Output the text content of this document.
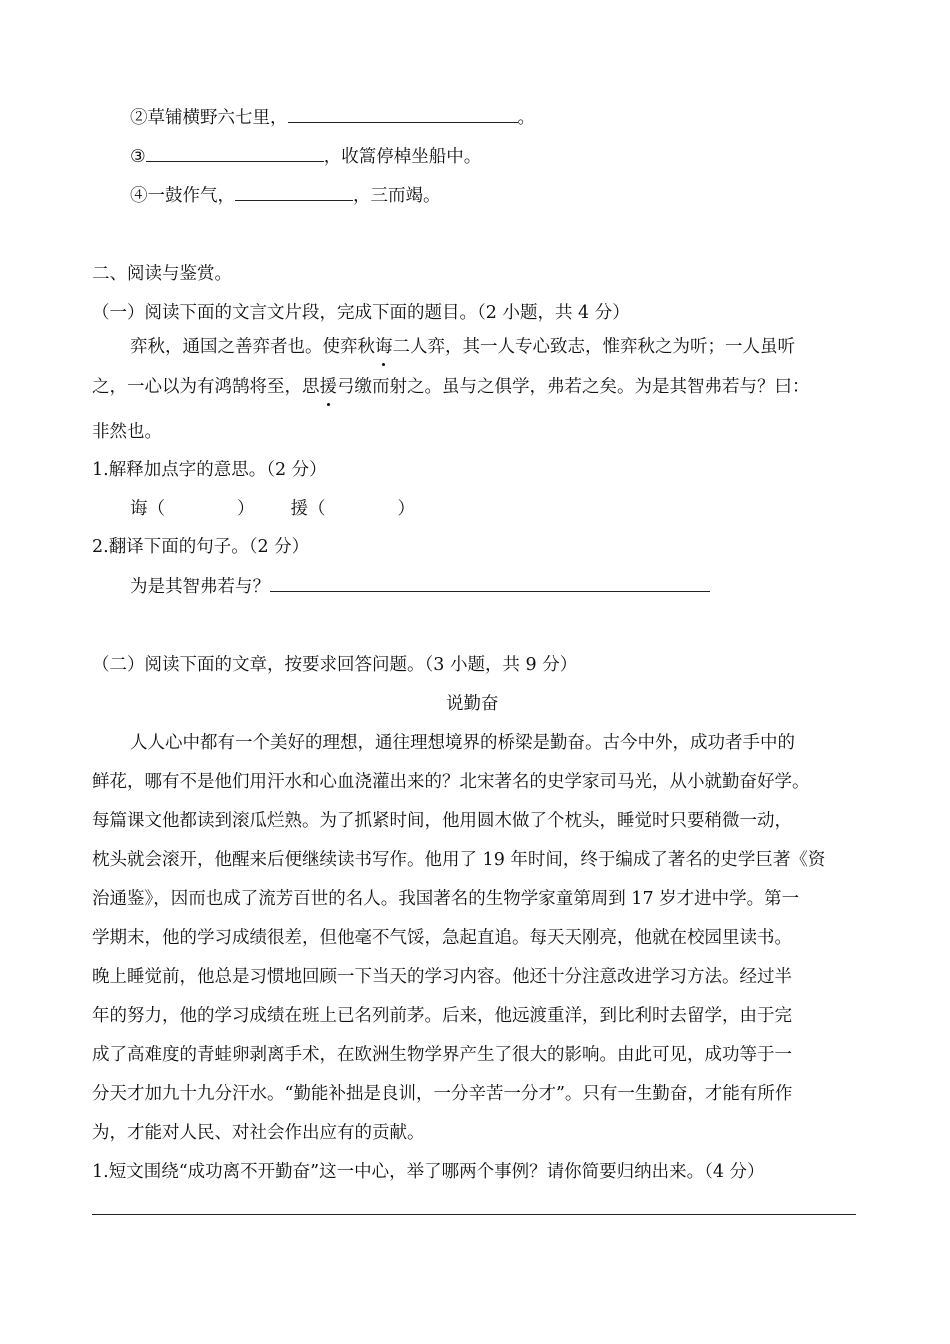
②草铺横野六七里，	。
③	，收篙停棹坐船中。
④一鼓作气，	，三而竭。
二、阅读与鉴赏。
（一）阅读下面的文言文片段，完成下面的题目。（2 小题，共 4 分）
弈秋，通国之善弈者也。使弈秋诲二人弈，其一人专心致志，惟弈秋之为听；一人虽听
之，一心以为有鸿鹄将至，思援弓缴而射之。虽与之俱学，弗若之矣。为是其智弗若与？曰：
非然也。
1.解释加点字的意思。（2 分）
诲（	） 援（	）
2.翻译下面的句子。（2 分）
为是其智弗若与？
（二）阅读下面的文章，按要求回答问题。（3 小题，共 9 分）
说勤奋
人人心中都有一个美好的理想，通往理想境界的桥梁是勤奋。古今中外，成功者手中的
鲜花，哪有不是他们用汗水和心血浇灌出来的？北宋著名的史学家司马光，从小就勤奋好学。
每篇课文他都读到滚瓜烂熟。为了抓紧时间，他用圆木做了个枕头，睡觉时只要稍微一动，
枕头就会滚开，他醒来后便继续读书写作。他用了 19 年时间，终于编成了著名的史学巨著《资
治通鉴》，因而也成了流芳百世的名人。我国著名的生物学家童第周到 17 岁才进中学。第一
学期末，他的学习成绩很差，但他毫不气馁，急起直追。每天天刚亮，他就在校园里读书。
晚上睡觉前，他总是习惯地回顾一下当天的学习内容。他还十分注意改进学习方法。经过半
年的努力，他的学习成绩在班上已名列前茅。后来，他远渡重洋，到比利时去留学，由于完
成了高难度的青蛙卵剥离手术，在欧洲生物学界产生了很大的影响。由此可见，成功等于一
分天才加九十九分汗水。“勤能补拙是良训，一分辛苦一分才”。只有一生勤奋，才能有所作
为，才能对人民、对社会作出应有的贡献。
1.短文围绕“成功离不开勤奋”这一中心，举了哪两个事例？请你简要归纳出来。（4 分）
